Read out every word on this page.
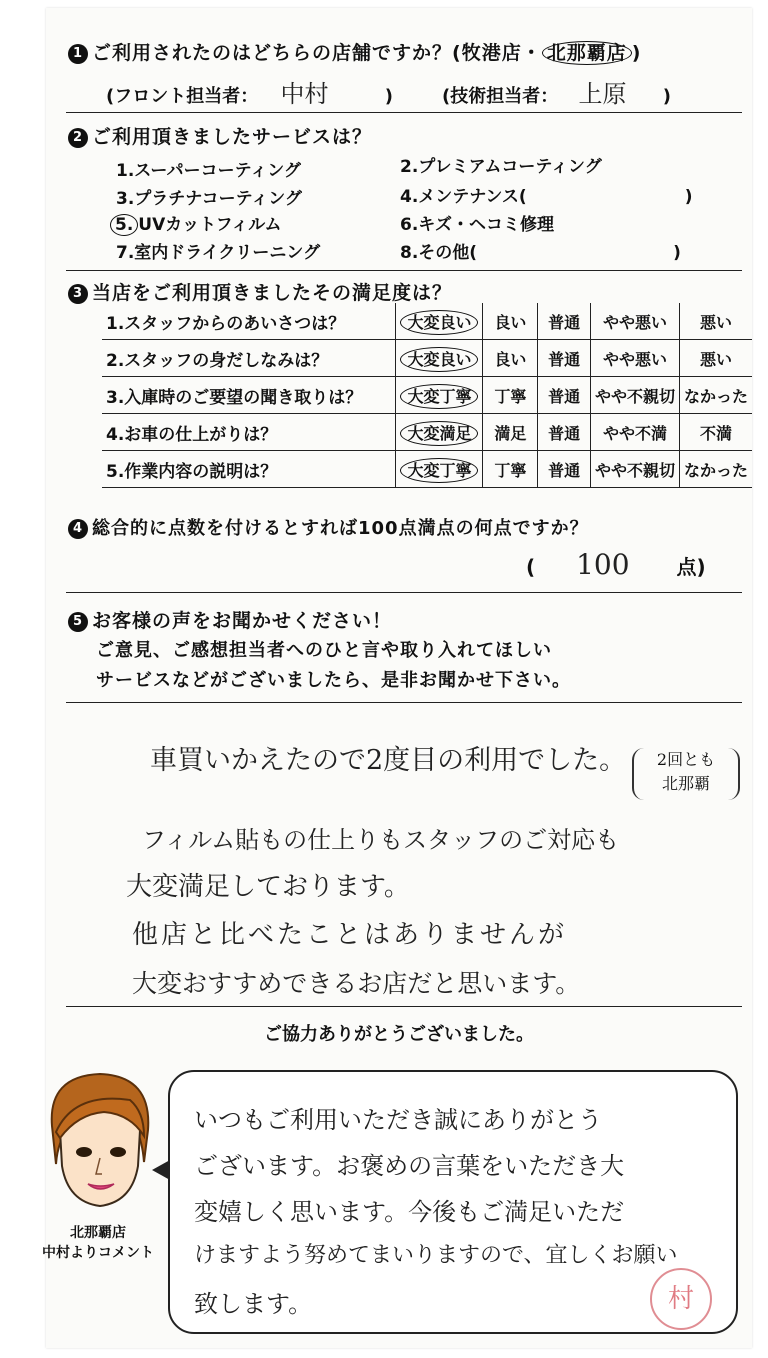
1 ご利用されたのはどちらの店舗ですか？(牧港店・ 北那覇店 )
(フロント担当者： 中村	)	(技術担当者： 上原 )
2 ご利用頂きましたサービスは？
1.スーパーコーティング	2.プレミアムコーティング
3.プラチナコーティング	4.メンテナンス(	)
5. UVカットフィルム	6.キズ・ヘコミ修理
7.室内ドライクリーニング	8.その他(	)
3 当店をご利用頂きましたその満足度は？
1.スタッフからのあいさつは？	大変良い	良い	普通	やや悪い	悪い
2.スタッフの身だしなみは？	大変良い	良い	普通	やや悪い	悪い
3.入庫時のご要望の聞き取りは？	大変丁寧	丁寧	普通	やや不親切	なかった
4.お車の仕上がりは？	大変満足	満足	普通	やや不満	不満
5.作業内容の説明は？	大変丁寧	丁寧	普通	やや不親切	なかった
4 総合的に点数を付けるとすれば100点満点の何点ですか？
( 100 点)
5 お客様の声をお聞かせください！
ご意見、ご感想担当者へのひと言や取り入れてほしい
サービスなどがございましたら、是非お聞かせ下さい。
車買いかえたので2度目の利用でした。	2回とも
北那覇
フィルム貼もの仕上りもスタッフのご対応も
大変満足しております。
他店と比べたことはありませんが
大変おすすめできるお店だと思います。
ご協力ありがとうございました。
北那覇店
中村よりコメント
いつもご利用いただき誠にありがとう
ございます。お褒めの言葉をいただき大
変嬉しく思います。今後もご満足いただ
けますよう努めてまいりますので、宜しくお願い
致します。	村
